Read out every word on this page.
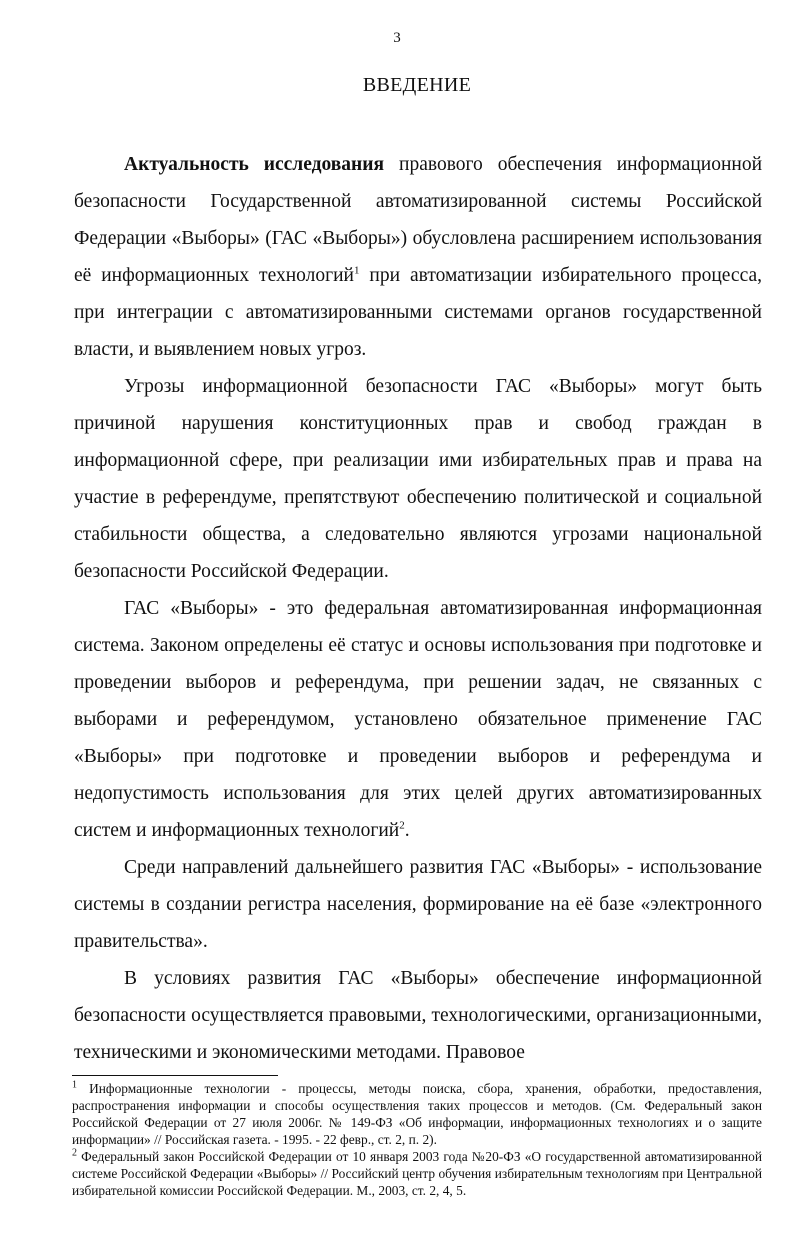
3
ВВЕДЕНИЕ

Актуальность исследования правового обеспечения информационной безопасности Государственной автоматизированной системы Российской Федерации «Выборы» (ГАС «Выборы») обусловлена расширением использования её информационных технологий$^1$ при автоматизации избирательного процесса, при интеграции с автоматизированными системами органов государственной власти, и выявлением новых угроз.

Угрозы информационной безопасности ГАС «Выборы» могут быть причиной нарушения конституционных прав и свобод граждан в информационной сфере, при реализации ими избирательных прав и права на участие в референдуме, препятствуют обеспечению политической и социальной стабильности общества, а следовательно являются угрозами национальной безопасности Российской Федерации.

ГАС «Выборы» - это федеральная автоматизированная информационная система. Законом определены её статус и основы использования при подготовке и проведении выборов и референдума, при решении задач, не связанных с выборами и референдумом, установлено обязательное применение ГАС «Выборы» при подготовке и проведении выборов и референдума и недопустимость использования для этих целей других автоматизированных систем и информационных технологий$^2$.

Среди направлений дальнейшего развития ГАС «Выборы» - использование системы в создании регистра населения, формирование на её базе «электронного правительства».

В условиях развития ГАС «Выборы» обеспечение информационной безопасности осуществляется правовыми, технологическими, организационными, техническими и экономическими методами. Правовое

$^1$ Информационные технологии - процессы, методы поиска, сбора, хранения, обработки, предоставления, распространения информации и способы осуществления таких процессов и методов. (См. Федеральный закон Российской Федерации от 27 июля 2006г. № 149-ФЗ «Об информации, информационных технологиях и о защите информации» // Российская газета. - 1995. - 22 февр., ст. 2, п. 2).

$^2$ Федеральный закон Российской Федерации от 10 января 2003 года №20-ФЗ «О государственной автоматизированной системе Российской Федерации «Выборы» // Российский центр обучения избирательным технологиям при Центральной избирательной комиссии Российской Федерации. М., 2003, ст. 2, 4, 5.
